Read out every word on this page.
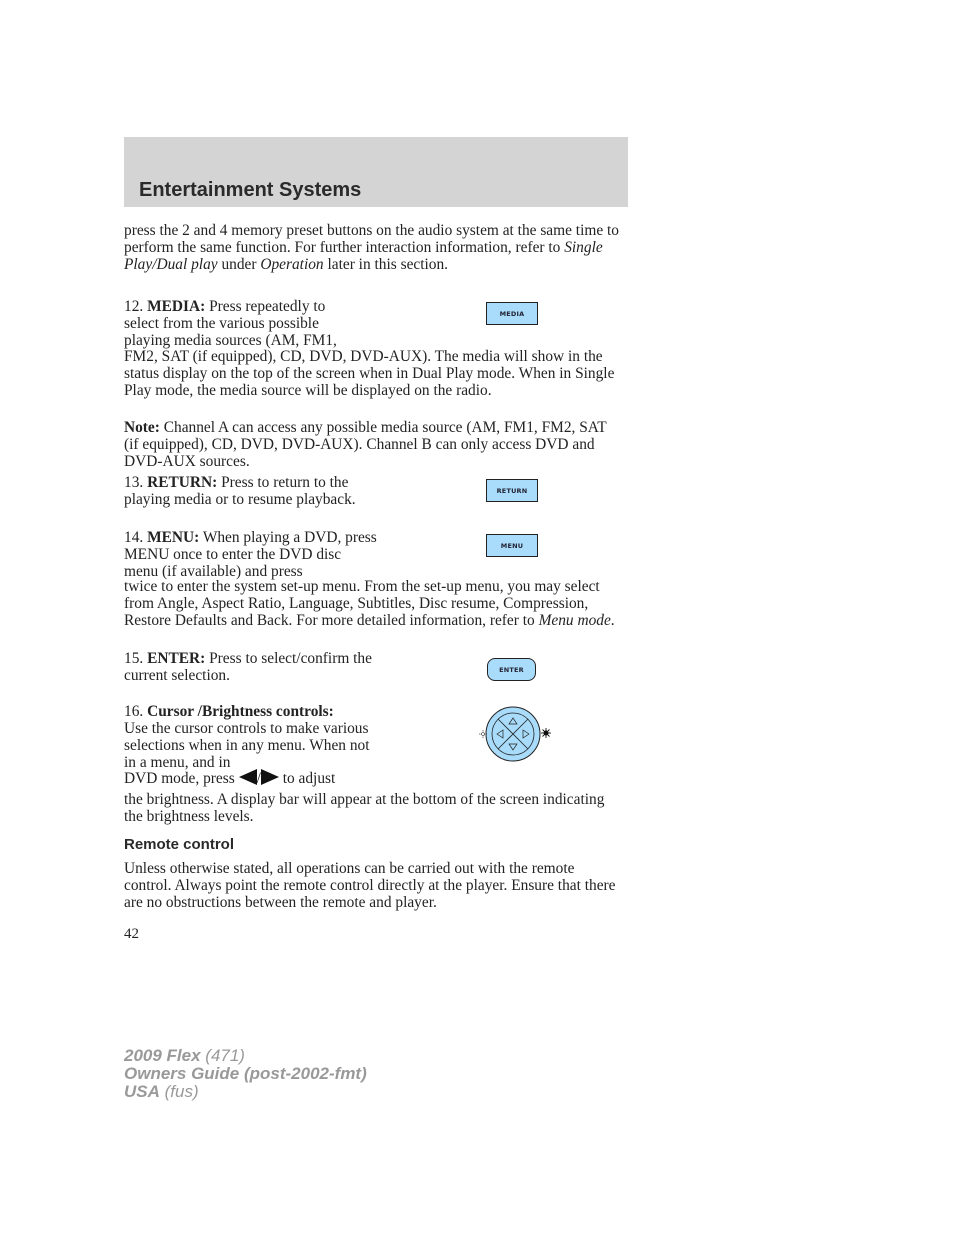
Entertainment Systems

press the 2 and 4 memory preset buttons on the audio system at the same time to perform the same function. For further interaction information, refer to Single Play/Dual play under Operation later in this section.

12. MEDIA: Press repeatedly to select from the various possible playing media sources (AM, FM1,

MEDIA

FM2, SAT (if equipped), CD, DVD, DVD-AUX). The media will show in the status display on the top of the screen when in Dual Play mode. When in Single Play mode, the media source will be displayed on the radio.

Note: Channel A can access any possible media source (AM, FM1, FM2, SAT (if equipped), CD, DVD, DVD-AUX). Channel B can only access DVD and DVD-AUX sources.

13. RETURN: Press to return to the playing media or to resume playback.

RETURN

14. MENU: When playing a DVD, press MENU once to enter the DVD disc menu (if available) and press

MENU

twice to enter the system set-up menu. From the set-up menu, you may select from Angle, Aspect Ratio, Language, Subtitles, Disc resume, Compression, Restore Defaults and Back. For more detailed information, refer to Menu mode.

15. ENTER: Press to select/confirm the current selection.	ENTER

16. Cursor /Brightness controls:
Use the cursor controls to make various selections when in any menu. When not in a menu, and in

DVD mode, press / to adjust

the brightness. A display bar will appear at the bottom of the screen indicating the brightness levels.

Remote control

Unless otherwise stated, all operations can be carried out with the remote control. Always point the remote control directly at the player. Ensure that there are no obstructions between the remote and player.

42

2009 Flex (471)
Owners Guide (post-2002-fmt)
USA (fus)
